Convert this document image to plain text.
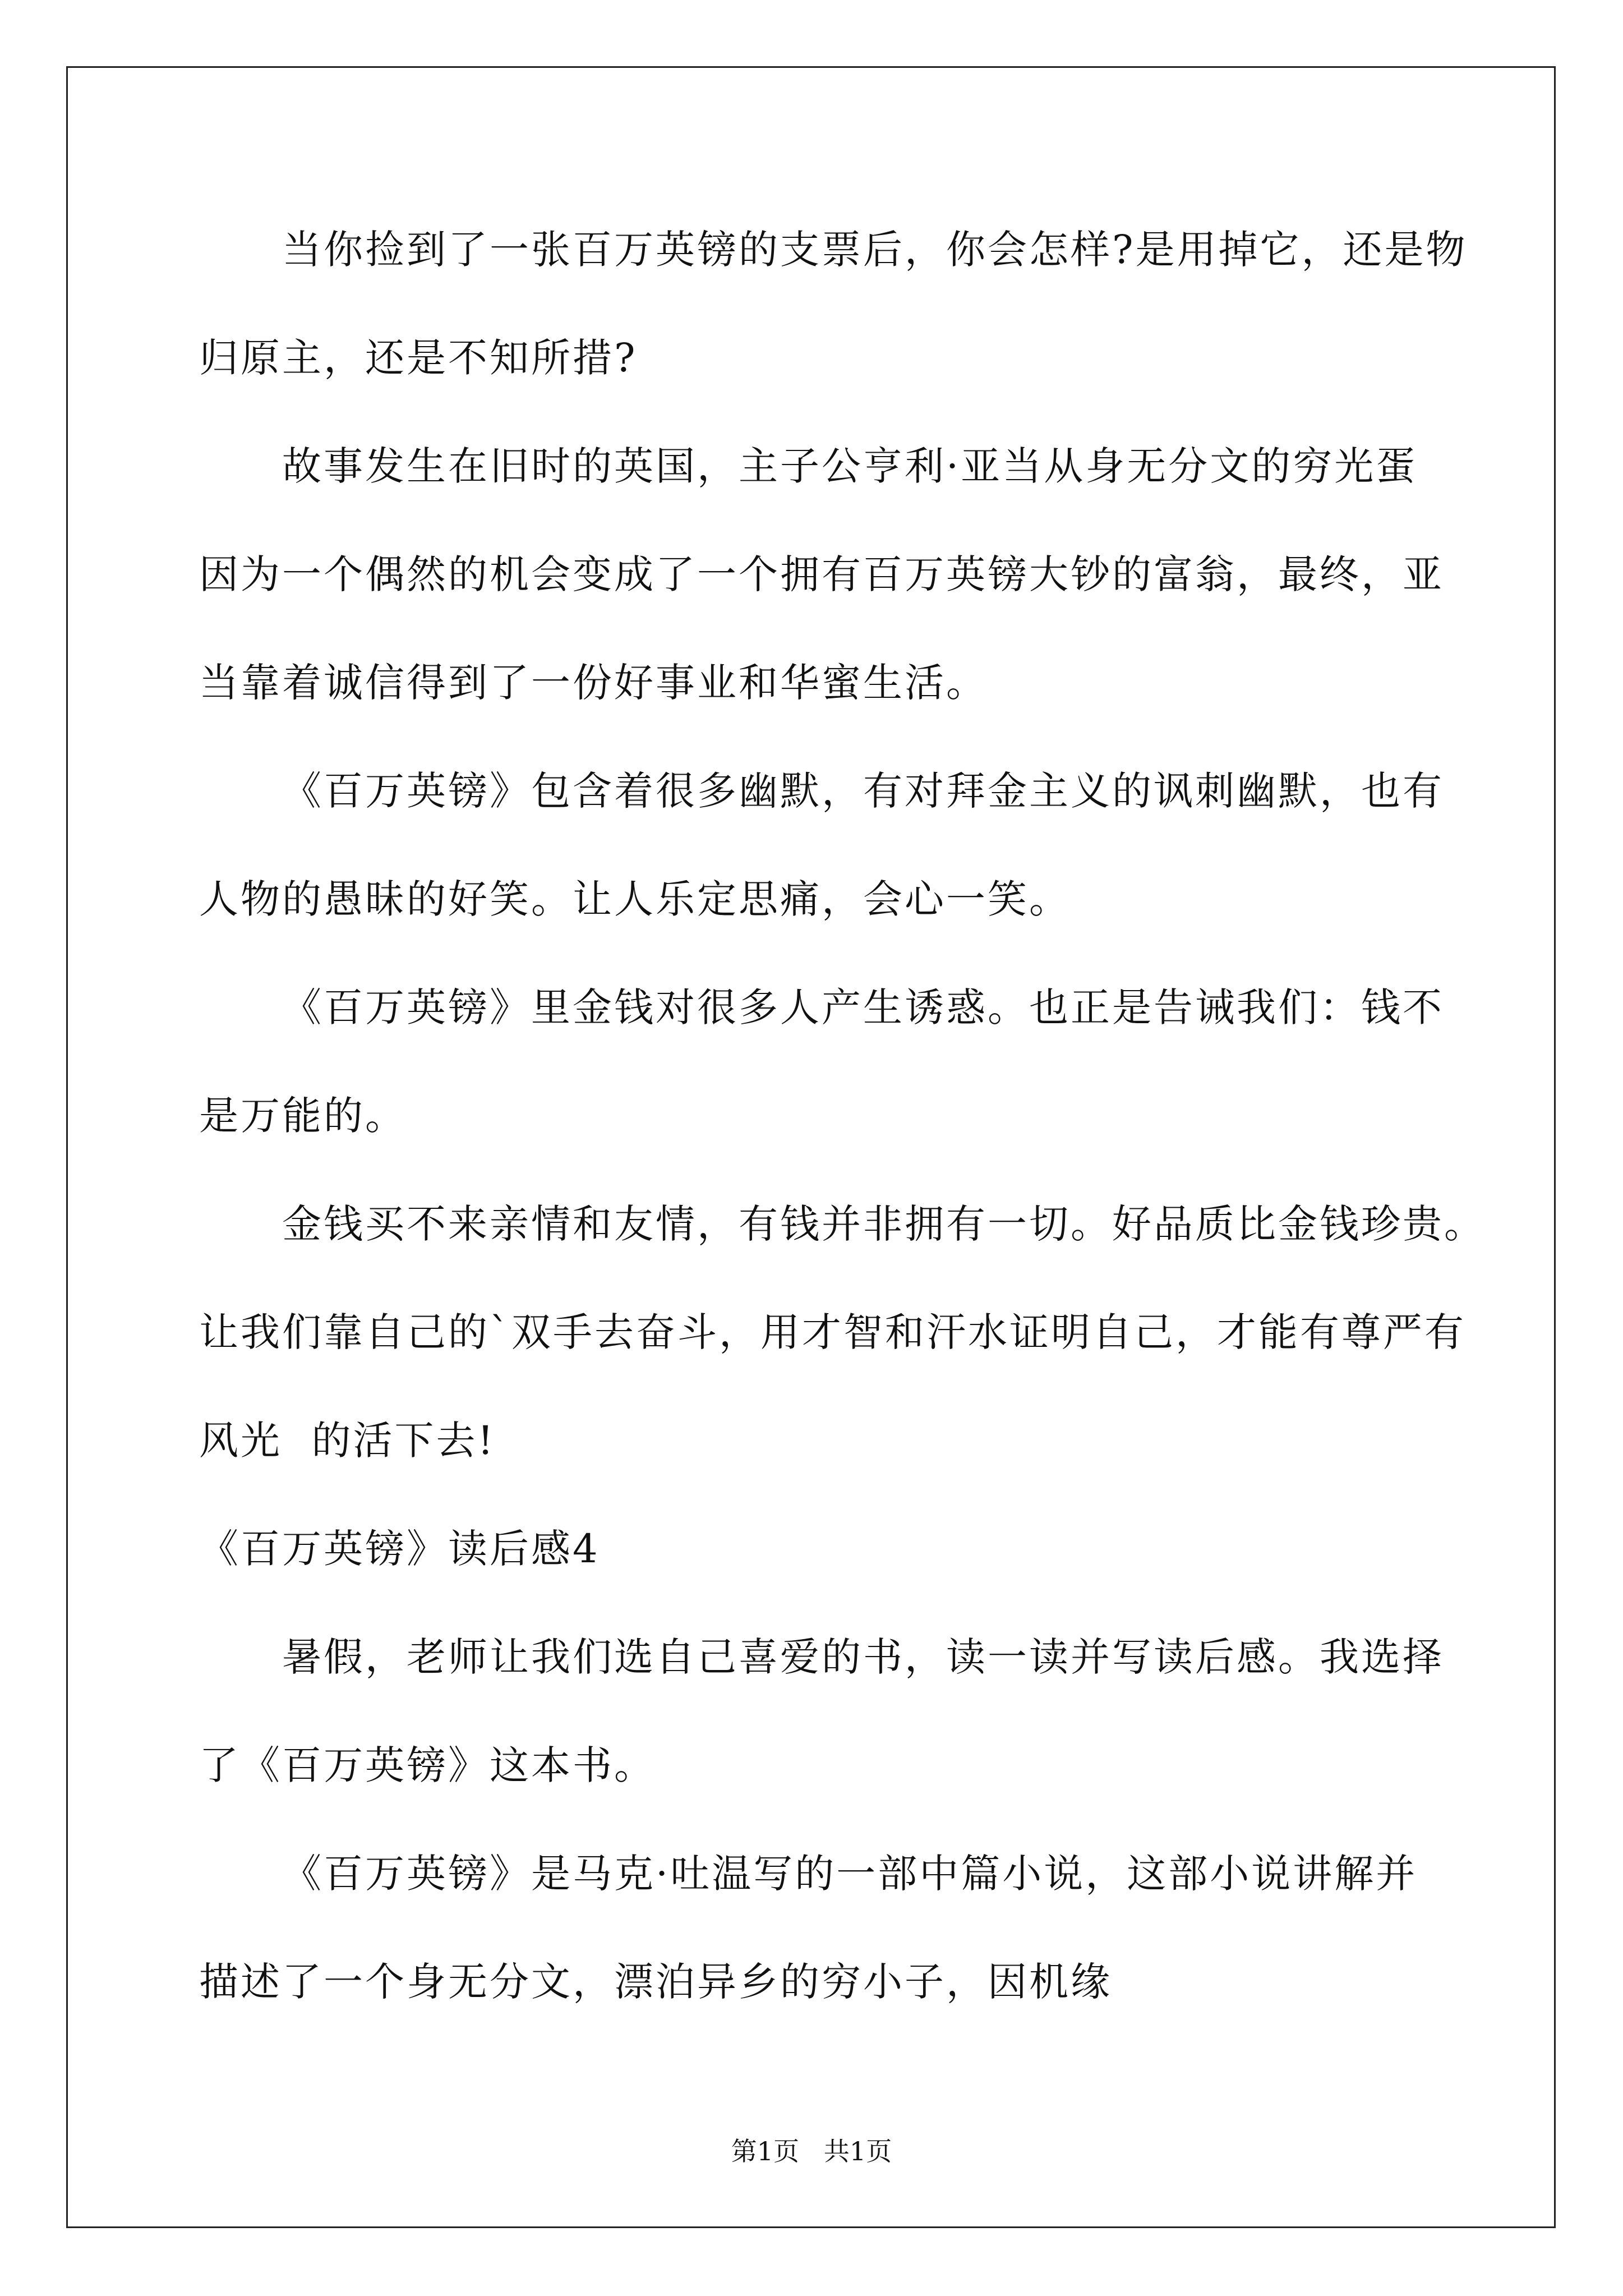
当你捡到了一张百万英镑的支票后，你会怎样?是用掉它，还是物
归原主，还是不知所措?
故事发生在旧时的英国，主子公亨利·亚当从身无分文的穷光蛋
因为一个偶然的机会变成了一个拥有百万英镑大钞的富翁，最终，亚
当靠着诚信得到了一份好事业和华蜜生活。
《百万英镑》包含着很多幽默，有对拜金主义的讽刺幽默，也有
人物的愚昧的好笑。让人乐定思痛，会心一笑。
《百万英镑》里金钱对很多人产生诱惑。也正是告诫我们：钱不
是万能的。
金钱买不来亲情和友情，有钱并非拥有一切。好品质比金钱珍贵。
让我们靠自己的`双手去奋斗，用才智和汗水证明自己，才能有尊严有
风光  的活下去!
《百万英镑》读后感4
暑假，老师让我们选自己喜爱的书，读一读并写读后感。我选择
了《百万英镑》这本书。
《百万英镑》是马克·吐温写的一部中篇小说，这部小说讲解并
描述了一个身无分文，漂泊异乡的穷小子，因机缘
第1页   共1页
